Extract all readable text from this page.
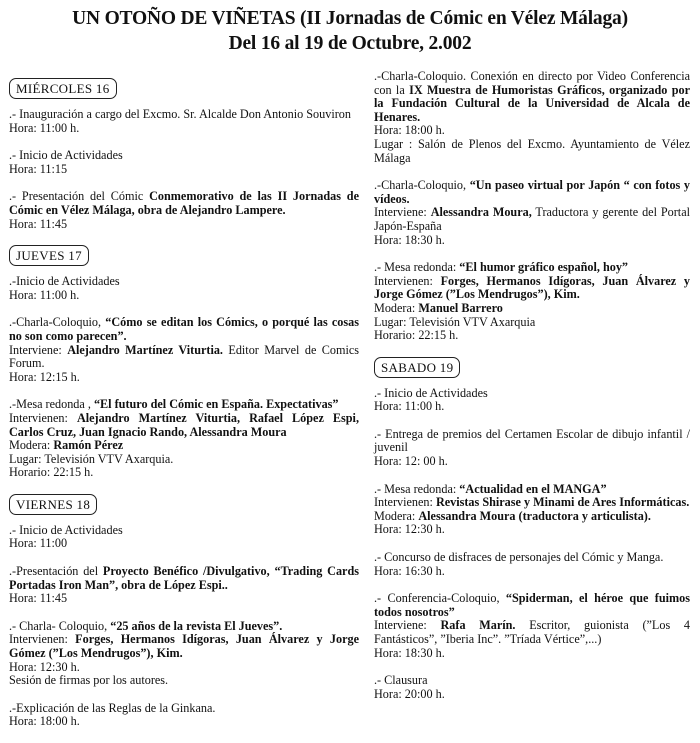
UN OTOÑO DE VIÑETAS (II Jornadas de Cómic en Vélez Málaga)
Del 16 al 19 de Octubre, 2.002
MIÉRCOLES 16

.- Inauguración a cargo del Excmo. Sr. Alcalde Don Antonio Souviron

Hora: 11:00 h.

.- Inicio de Actividades

Hora: 11:15

.- Presentación del Cómic Conmemorativo de las II Jornadas de Cómic en Vélez Málaga, obra de Alejandro Lampere.

Hora: 11:45

JUEVES 17

.-Inicio de Actividades

Hora: 11:00 h.

.-Charla-Coloquio, “Cómo se editan los Cómics, o porqué las cosas no son como parecen”.

Interviene: Alejandro Martínez Viturtia. Editor Marvel de Comics Forum.

Hora: 12:15 h.

.-Mesa redonda , “El futuro del Cómic en España. Expectativas”

Intervienen: Alejandro Martínez Viturtia, Rafael López Espi, Carlos Cruz, Juan Ignacio Rando, Alessandra Moura

Modera: Ramón Pérez

Lugar: Televisión VTV Axarquia.

Horario: 22:15 h.

VIERNES 18

.- Inicio de Actividades

Hora: 11:00

.-Presentación del Proyecto Benéfico /Divulgativo, “Trading Cards Portadas Iron Man”, obra de López Espi..

Hora: 11:45

.- Charla- Coloquio, “25 años de la revista El Jueves”.

Intervienen: Forges, Hermanos Idígoras, Juan Álvarez y Jorge Gómez (”Los Mendrugos”), Kim.

Hora: 12:30 h.

Sesión de firmas por los autores.

.-Explicación de las Reglas de la Ginkana.

Hora: 18:00 h.

.-Charla-Coloquio. Conexión en directo por Video Conferencia con la IX Muestra de Humoristas Gráficos, organizado por la Fundación Cultural de la Universidad de Alcala de Henares.

Hora: 18:00 h.

Lugar : Salón de Plenos del Excmo. Ayuntamiento de Vélez Málaga

.-Charla-Coloquio, “Un paseo virtual por Japón “ con fotos y vídeos.

Interviene: Alessandra Moura, Traductora y gerente del Portal Japón-España

Hora: 18:30 h.

.- Mesa redonda: “El humor gráfico español, hoy”

Intervienen: Forges, Hermanos Idígoras, Juan Álvarez y Jorge Gómez (”Los Mendrugos”), Kim.

Modera: Manuel Barrero

Lugar: Televisión VTV Axarquia

Horario: 22:15 h.

SABADO 19

.- Inicio de Actividades

Hora: 11:00 h.

.- Entrega de premios del Certamen Escolar de dibujo infantil / juvenil

Hora: 12: 00 h.

.- Mesa redonda: “Actualidad en el MANGA”

Intervienen: Revistas Shirase y Minami de Ares Informáticas.

Modera: Alessandra Moura (traductora y articulista).

Hora: 12:30 h.

.- Concurso de disfraces de personajes del Cómic y Manga.

Hora: 16:30 h.

.- Conferencia-Coloquio, “Spiderman, el héroe que fuimos todos nosotros”

Interviene: Rafa Marín. Escritor, guionista (”Los 4 Fantásticos”, ”Iberia Inc”. ”Tríada Vértice”,...)

Hora: 18:30 h.

.- Clausura

Hora: 20:00 h.
